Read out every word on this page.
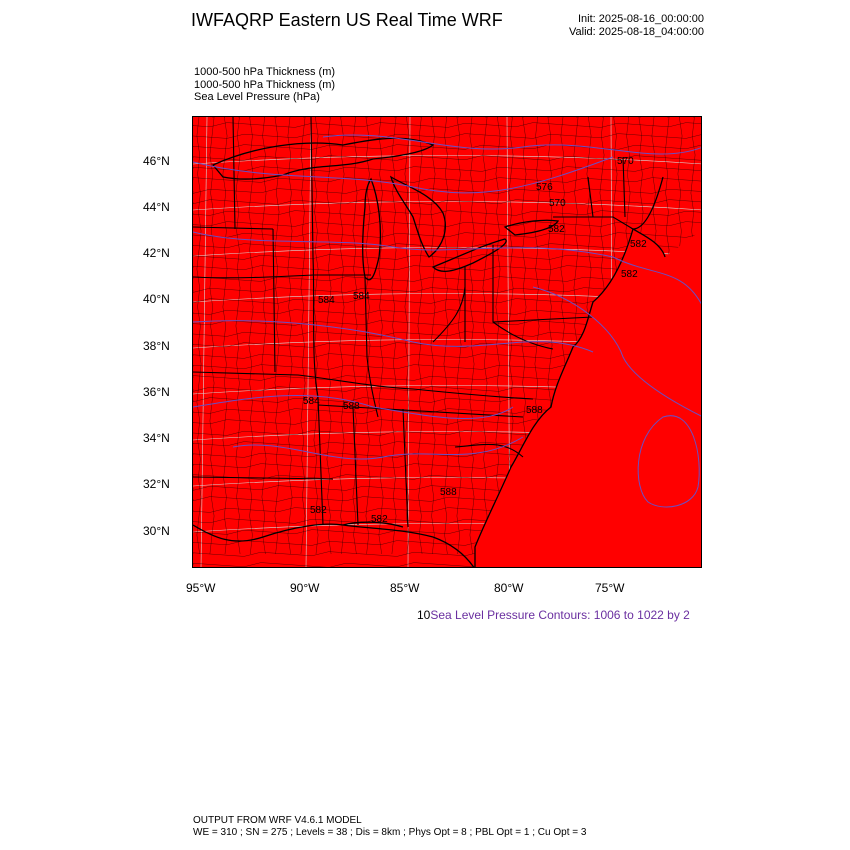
IWFAQRP Eastern US Real Time WRF	Init: 2025-08-16_00:00:00
Valid: 2025-08-18_04:00:00
1000-500 hPa Thickness (m)
1000-500 hPa Thickness (m)
Sea Level Pressure (hPa)
570
570
576
582
582
582
584 584
584 588	588
588
582
582
46°N
44°N
42°N
40°N
38°N
36°N
34°N
32°N
30°N
95°W	90°W	85°W	80°W	75°W
10Sea Level Pressure Contours: 1006 to 1022 by 2
OUTPUT FROM WRF V4.6.1 MODEL
WE = 310 ; SN = 275 ; Levels = 38 ; Dis = 8km ; Phys Opt = 8 ; PBL Opt = 1 ; Cu Opt = 3
